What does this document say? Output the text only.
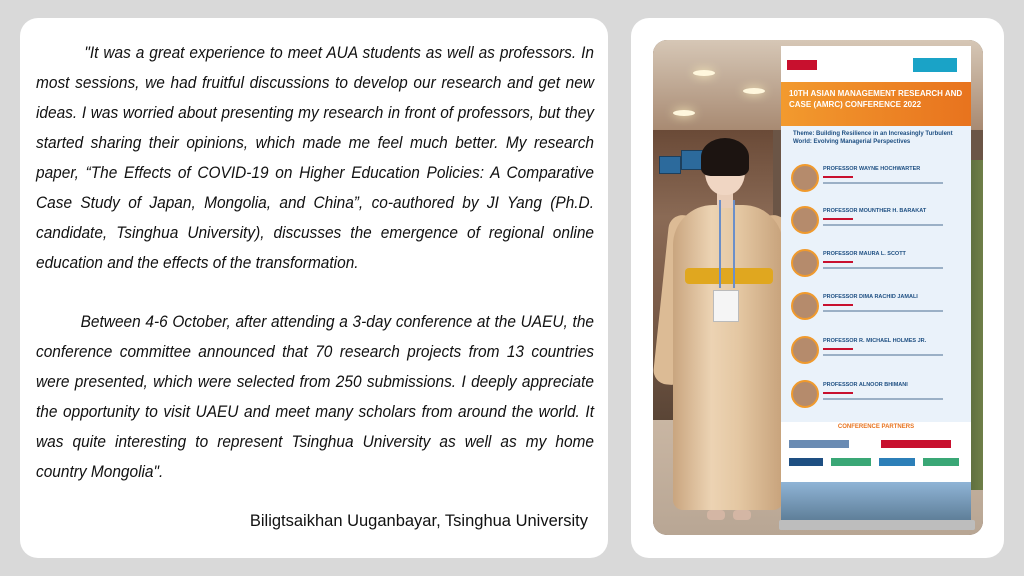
"It was a great experience to meet AUA students as well as professors. In most sessions, we had fruitful discussions to develop our research and get new ideas. I was worried about presenting my research in front of professors, but they started sharing their opinions, which made me feel much better. My research paper, “The Effects of COVID-19 on Higher Education Policies: A Comparative Case Study of Japan, Mongolia, and China”, co-authored by JI Yang (Ph.D. candidate, Tsinghua University), discusses the emergence of regional online education and the effects of the transformation.

Between 4-6 October, after attending a 3-day conference at the UAEU, the conference committee announced that 70 research projects from 13 countries were presented, which were selected from 250 submissions. I deeply appreciate the opportunity to visit UAEU and meet many scholars from around the world. It was quite interesting to represent Tsinghua University as well as my home country Mongolia".

Biligtsaikhan Uuganbayar, Tsinghua University
10TH ASIAN MANAGEMENT RESEARCH AND CASE (AMRC) CONFERENCE 2022
Theme: Building Resilience in an Increasingly Turbulent World: Evolving Managerial Perspectives
PROFESSOR WAYNE HOCHWARTER
PROFESSOR MOUNTHER H. BARAKAT
PROFESSOR MAURA L. SCOTT
PROFESSOR DIMA RACHID JAMALI
PROFESSOR R. MICHAEL HOLMES JR.
PROFESSOR ALNOOR BHIMANI
CONFERENCE PARTNERS
